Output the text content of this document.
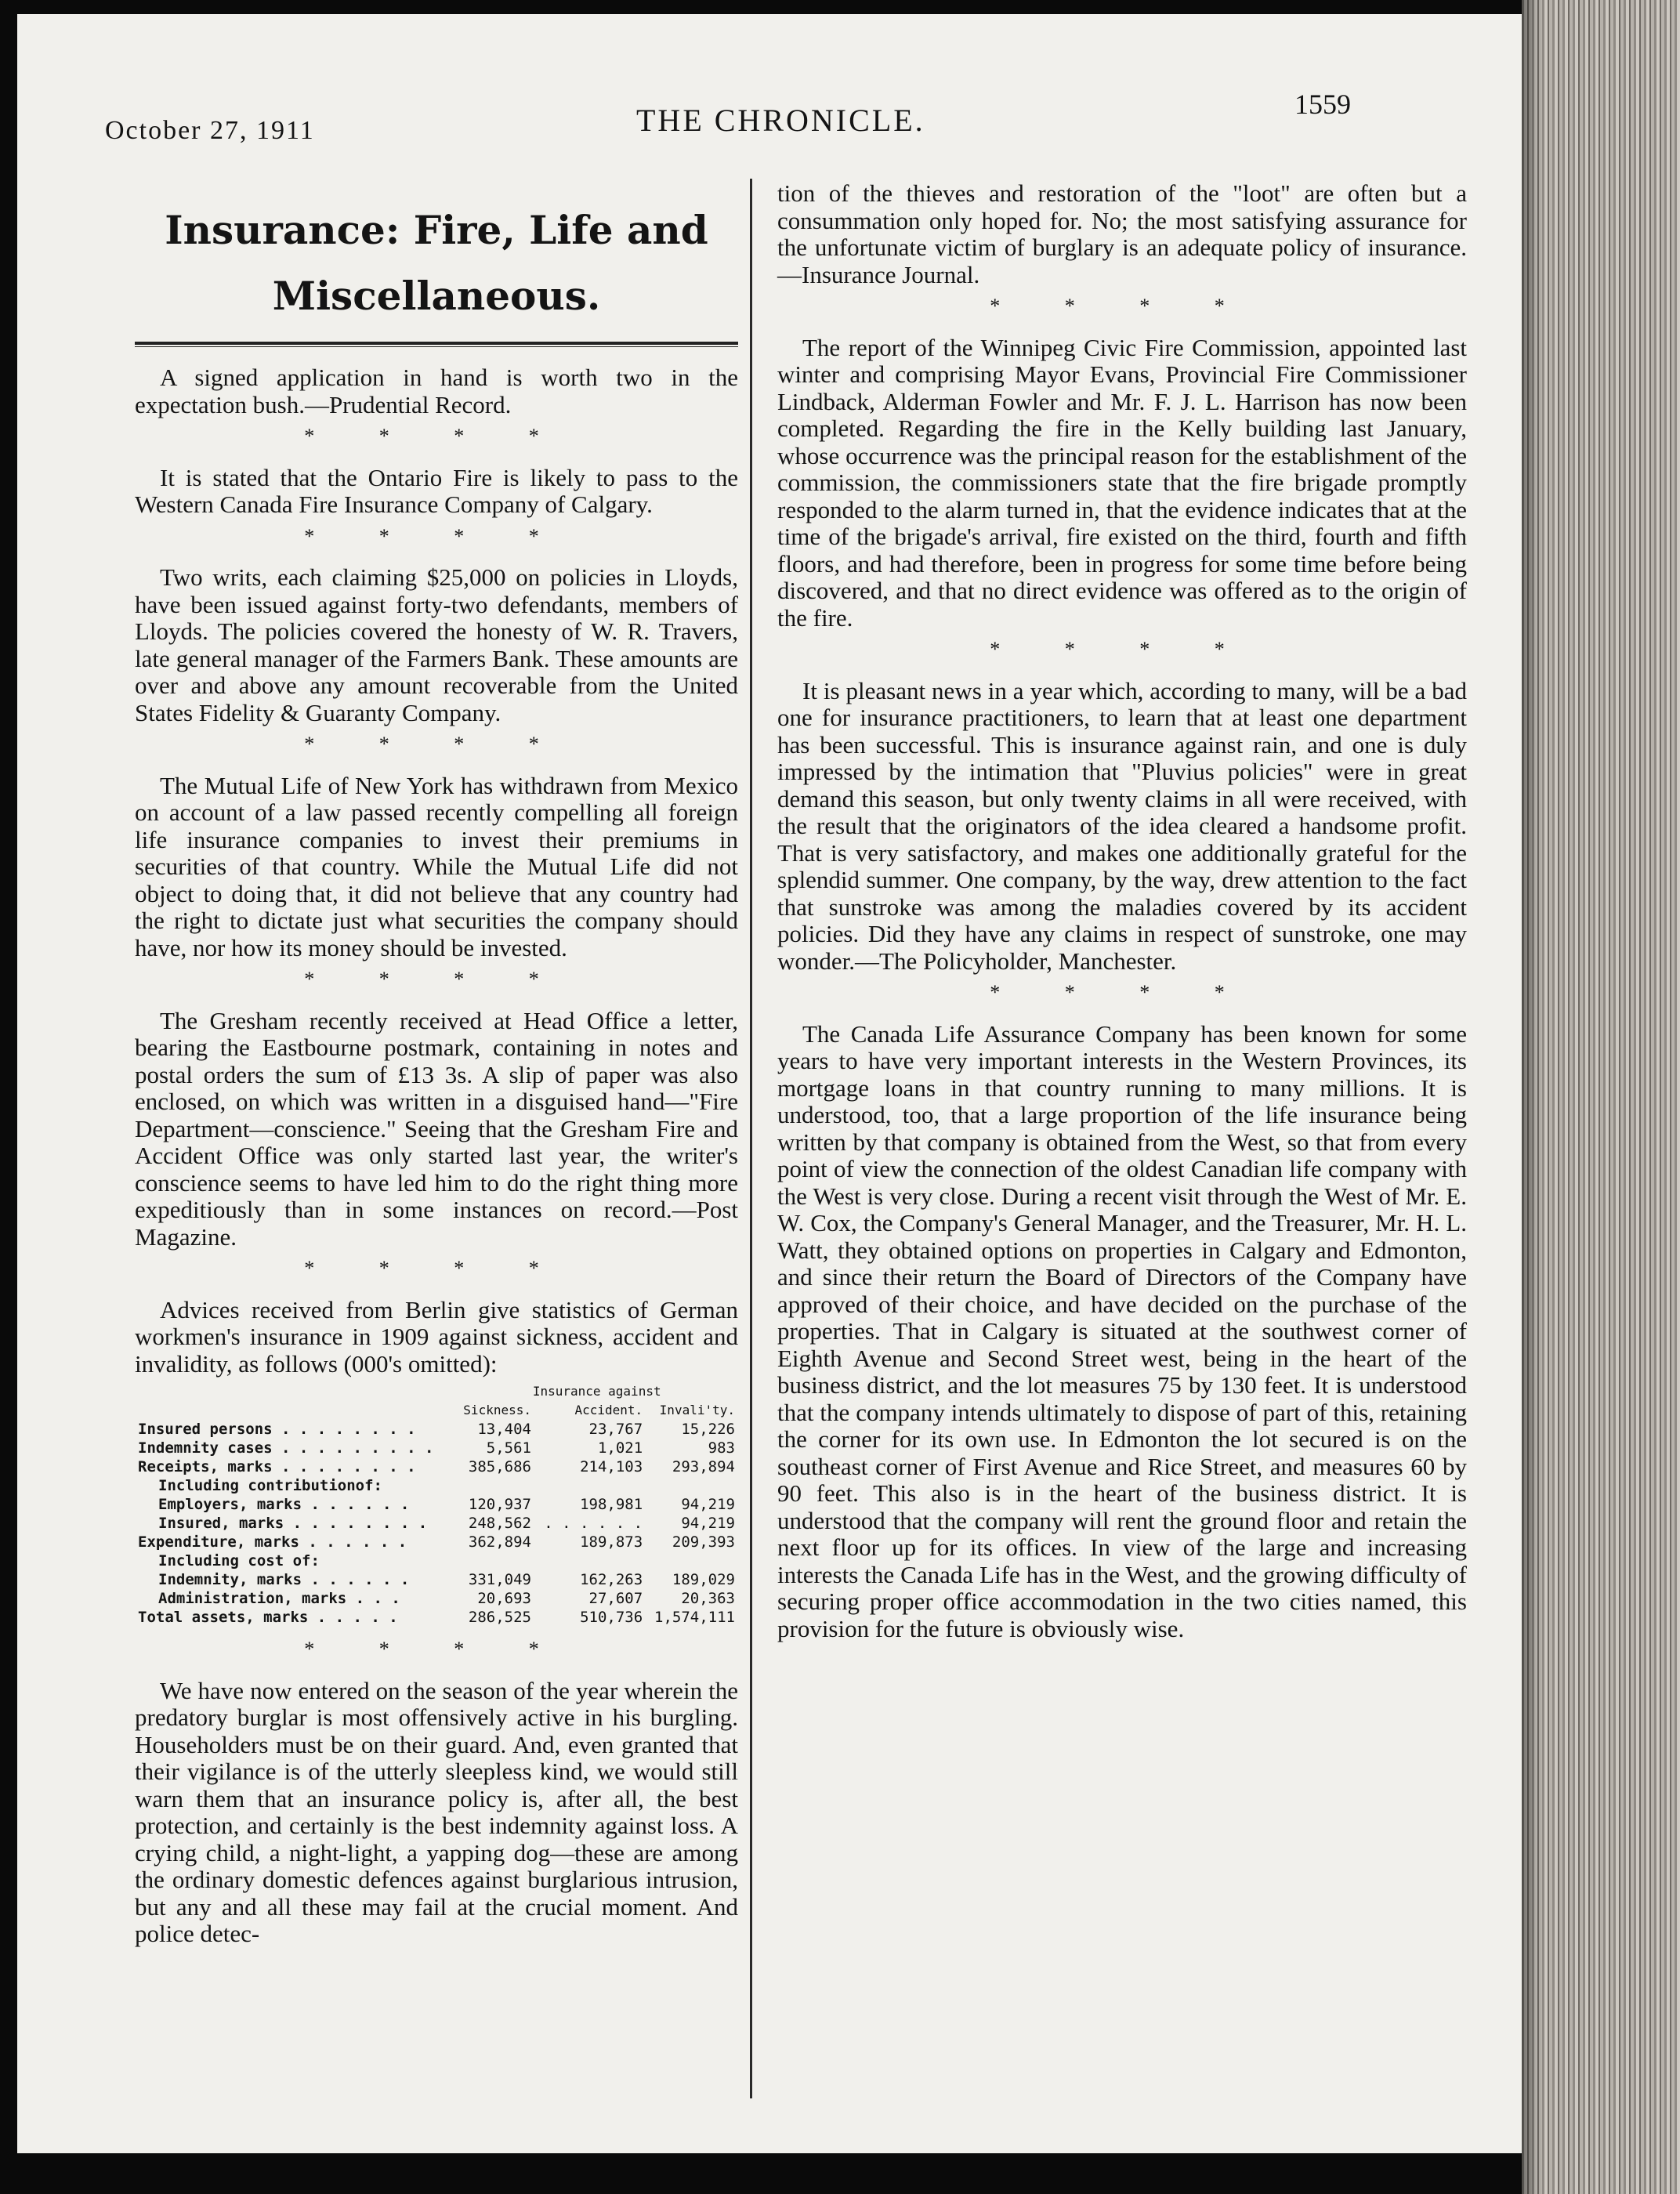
October 27, 1911	THE CHRONICLE.	1559
Insurance: Fire, Life and
Miscellaneous.

A signed application in hand is worth two in the expectation bush.—Prudential Record.

* * * *

It is stated that the Ontario Fire is likely to pass to the Western Canada Fire Insurance Company of Calgary.

* * * *

Two writs, each claiming $25,000 on policies in Lloyds, have been issued against forty-two defendants, members of Lloyds. The policies covered the honesty of W. R. Travers, late general manager of the Farmers Bank. These amounts are over and above any amount recoverable from the United States Fidelity & Guaranty Company.

* * * *

The Mutual Life of New York has withdrawn from Mexico on account of a law passed recently compelling all foreign life insurance companies to invest their premiums in securities of that country. While the Mutual Life did not object to doing that, it did not believe that any country had the right to dictate just what securities the company should have, nor how its money should be invested.

* * * *

The Gresham recently received at Head Office a letter, bearing the Eastbourne postmark, containing in notes and postal orders the sum of £13 3s. A slip of paper was also enclosed, on which was written in a disguised hand—"Fire Department—conscience." Seeing that the Gresham Fire and Accident Office was only started last year, the writer's conscience seems to have led him to do the right thing more expeditiously than in some instances on record.—Post Magazine.

* * * *

Advices received from Berlin give statistics of German workmen's insurance in 1909 against sickness, accident and invalidity, as follows (000's omitted):

	Insurance against		
	Sickness.	Accident.	Invali'ty.
Insured persons . . . . . . . .	13,404	23,767	15,226
Indemnity cases . . . . . . . . .	5,561	1,021	983
Receipts, marks . . . . . . . .	385,686	214,103	293,894
Including contributionof:			
Employers, marks . . . . . .	120,937	198,981	94,219
Insured, marks . . . . . . . .	248,562	. . . . . .	94,219
Expenditure, marks . . . . . .	362,894	189,873	209,393
Including cost of:			
Indemnity, marks . . . . . .	331,049	162,263	189,029
Administration, marks . . .	20,693	27,607	20,363
Total assets, marks . . . . .	286,525	510,736	1,574,111
* * * *

We have now entered on the season of the year wherein the predatory burglar is most offensively active in his burgling. Householders must be on their guard. And, even granted that their vigilance is of the utterly sleepless kind, we would still warn them that an insurance policy is, after all, the best protection, and certainly is the best indemnity against loss. A crying child, a night-light, a yapping dog—these are among the ordinary domestic defences against burglarious intrusion, but any and all these may fail at the crucial moment. And police detec-

tion of the thieves and restoration of the "loot" are often but a consummation only hoped for. No; the most satisfying assurance for the unfortunate victim of burglary is an adequate policy of insurance.—Insurance Journal.

* * * *

The report of the Winnipeg Civic Fire Commission, appointed last winter and comprising Mayor Evans, Provincial Fire Commissioner Lindback, Alderman Fowler and Mr. F. J. L. Harrison has now been completed. Regarding the fire in the Kelly building last January, whose occurrence was the principal reason for the establishment of the commission, the commissioners state that the fire brigade promptly responded to the alarm turned in, that the evidence indicates that at the time of the brigade's arrival, fire existed on the third, fourth and fifth floors, and had therefore, been in progress for some time before being discovered, and that no direct evidence was offered as to the origin of the fire.

* * * *

It is pleasant news in a year which, according to many, will be a bad one for insurance practitioners, to learn that at least one department has been successful. This is insurance against rain, and one is duly impressed by the intimation that "Pluvius policies" were in great demand this season, but only twenty claims in all were received, with the result that the originators of the idea cleared a handsome profit. That is very satisfactory, and makes one additionally grateful for the splendid summer. One company, by the way, drew attention to the fact that sunstroke was among the maladies covered by its accident policies. Did they have any claims in respect of sunstroke, one may wonder.—The Policyholder, Manchester.

* * * *

The Canada Life Assurance Company has been known for some years to have very important interests in the Western Provinces, its mortgage loans in that country running to many millions. It is understood, too, that a large proportion of the life insurance being written by that company is obtained from the West, so that from every point of view the connection of the oldest Canadian life company with the West is very close. During a recent visit through the West of Mr. E. W. Cox, the Company's General Manager, and the Treasurer, Mr. H. L. Watt, they obtained options on properties in Calgary and Edmonton, and since their return the Board of Directors of the Company have approved of their choice, and have decided on the purchase of the properties. That in Calgary is situated at the southwest corner of Eighth Avenue and Second Street west, being in the heart of the business district, and the lot measures 75 by 130 feet. It is understood that the company intends ultimately to dispose of part of this, retaining the corner for its own use. In Edmonton the lot secured is on the southeast corner of First Avenue and Rice Street, and measures 60 by 90 feet. This also is in the heart of the business district. It is understood that the company will rent the ground floor and retain the next floor up for its offices. In view of the large and increasing interests the Canada Life has in the West, and the growing difficulty of securing proper office accommodation in the two cities named, this provision for the future is obviously wise.
